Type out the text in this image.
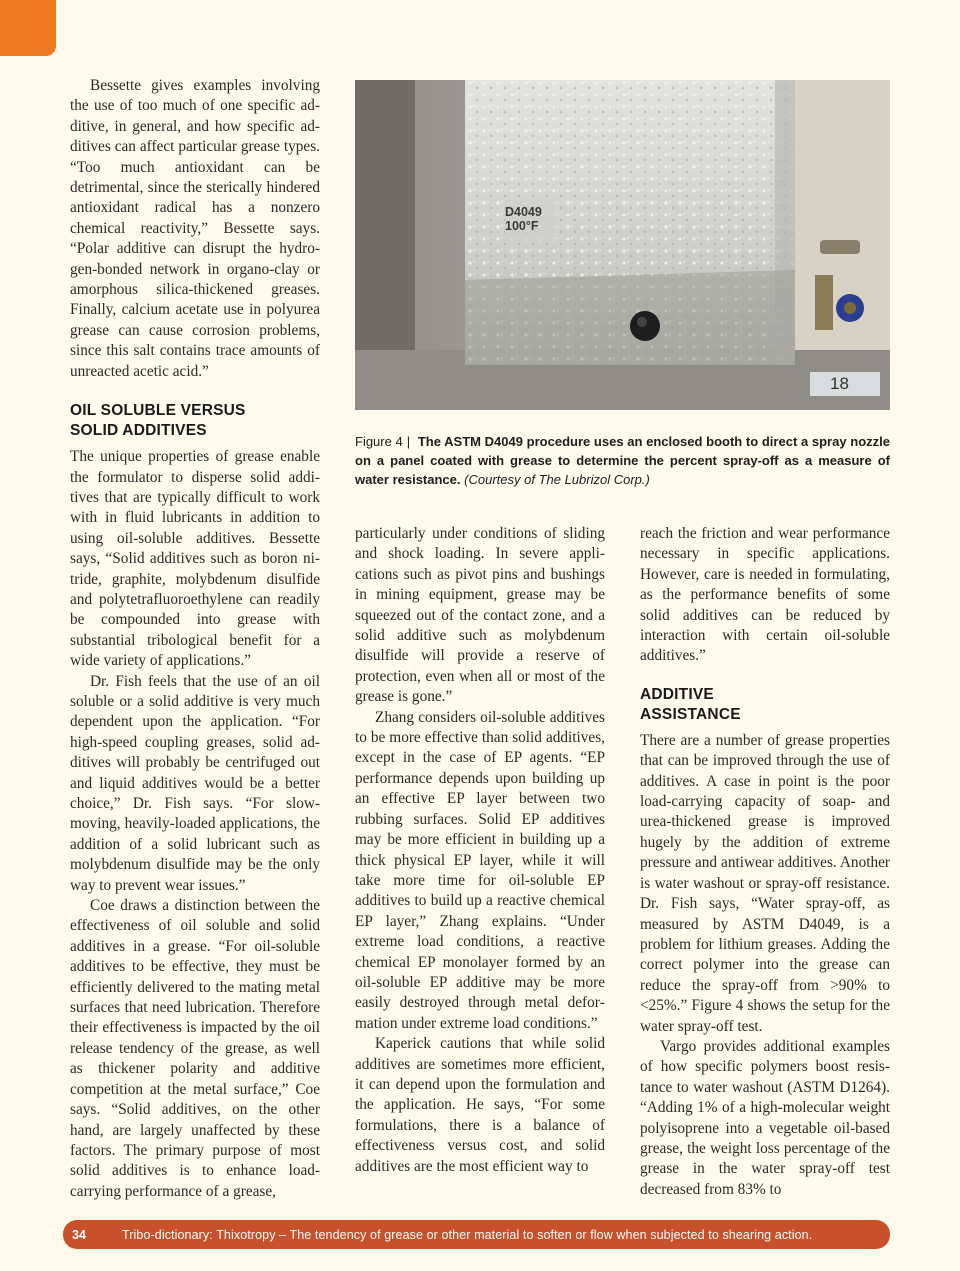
Bessette gives examples involving the use of too much of one specific additive, in general, and how specific additives can affect particular grease types. “Too much antioxidant can be detrimental, since the sterically hindered antioxidant radical has a nonzero chemical reactivity,” Bessette says. “Polar additive can disrupt the hydrogen-bonded network in organo-clay or amorphous silica-thickened greases. Finally, calcium acetate use in polyurea grease can cause corrosion problems, since this salt contains trace amounts of unreacted acetic acid.”

OIL SOLUBLE VERSUS
SOLID ADDITIVES

The unique properties of grease enable the formulator to disperse solid additives that are typically difficult to work with in fluid lubricants in addition to using oil-soluble additives. Bessette says, “Solid additives such as boron nitride, graphite, molybdenum disulfide and polytetrafluoroethylene can readily be compounded into grease with substantial tribological benefit for a wide variety of applications.”

Dr. Fish feels that the use of an oil soluble or a solid additive is very much dependent upon the application. “For high-speed coupling greases, solid additives will probably be centrifuged out and liquid additives would be a better choice,” Dr. Fish says. “For slow-moving, heavily-loaded applications, the addition of a solid lubricant such as molybdenum disulfide may be the only way to prevent wear issues.”

Coe draws a distinction between the effectiveness of oil soluble and solid additives in a grease. “For oil-soluble additives to be effective, they must be efficiently delivered to the mating metal surfaces that need lubrication. Therefore their effectiveness is impacted by the oil release tendency of the grease, as well as thickener polarity and additive competition at the metal surface,” Coe says. “Solid additives, on the other hand, are largely unaffected by these factors. The primary purpose of most solid additives is to enhance load-carrying performance of a grease,

D4049
100°F
18
Figure 4 | The ASTM D4049 procedure uses an enclosed booth to direct a spray nozzle on a panel coated with grease to determine the percent spray-off as a measure of water resistance. (Courtesy of The Lubrizol Corp.)

particularly under conditions of sliding and shock loading. In severe applications such as pivot pins and bushings in mining equipment, grease may be squeezed out of the contact zone, and a solid additive such as molybdenum disulfide will provide a reserve of protection, even when all or most of the grease is gone.”

Zhang considers oil-soluble additives to be more effective than solid additives, except in the case of EP agents. “EP performance depends upon building up an effective EP layer between two rubbing surfaces. Solid EP additives may be more efficient in building up a thick physical EP layer, while it will take more time for oil-soluble EP additives to build up a reactive chemical EP layer,” Zhang explains. “Under extreme load conditions, a reactive chemical EP monolayer formed by an oil-soluble EP additive may be more easily destroyed through metal deformation under extreme load conditions.”

Kaperick cautions that while solid additives are sometimes more efficient, it can depend upon the formulation and the application. He says, “For some formulations, there is a balance of effectiveness versus cost, and solid additives are the most efficient way to

reach the friction and wear performance necessary in specific applications. However, care is needed in formulating, as the performance benefits of some solid additives can be reduced by interaction with certain oil-soluble additives.”

ADDITIVE
ASSISTANCE

There are a number of grease properties that can be improved through the use of additives. A case in point is the poor load-carrying capacity of soap- and urea-thickened grease is improved hugely by the addition of extreme pressure and antiwear additives. Another is water washout or spray-off resistance. Dr. Fish says, “Water spray-off, as measured by ASTM D4049, is a problem for lithium greases. Adding the correct polymer into the grease can reduce the spray-off from >90% to <25%.” Figure 4 shows the setup for the water spray-off test.

Vargo provides additional examples of how specific polymers boost resistance to water washout (ASTM D1264). “Adding 1% of a high-molecular weight polyisoprene into a vegetable oil-based grease, the weight loss percentage of the grease in the water spray-off test decreased from 83% to

34	Tribo-dictionary: Thixotropy – The tendency of grease or other material to soften or flow when subjected to shearing action.
